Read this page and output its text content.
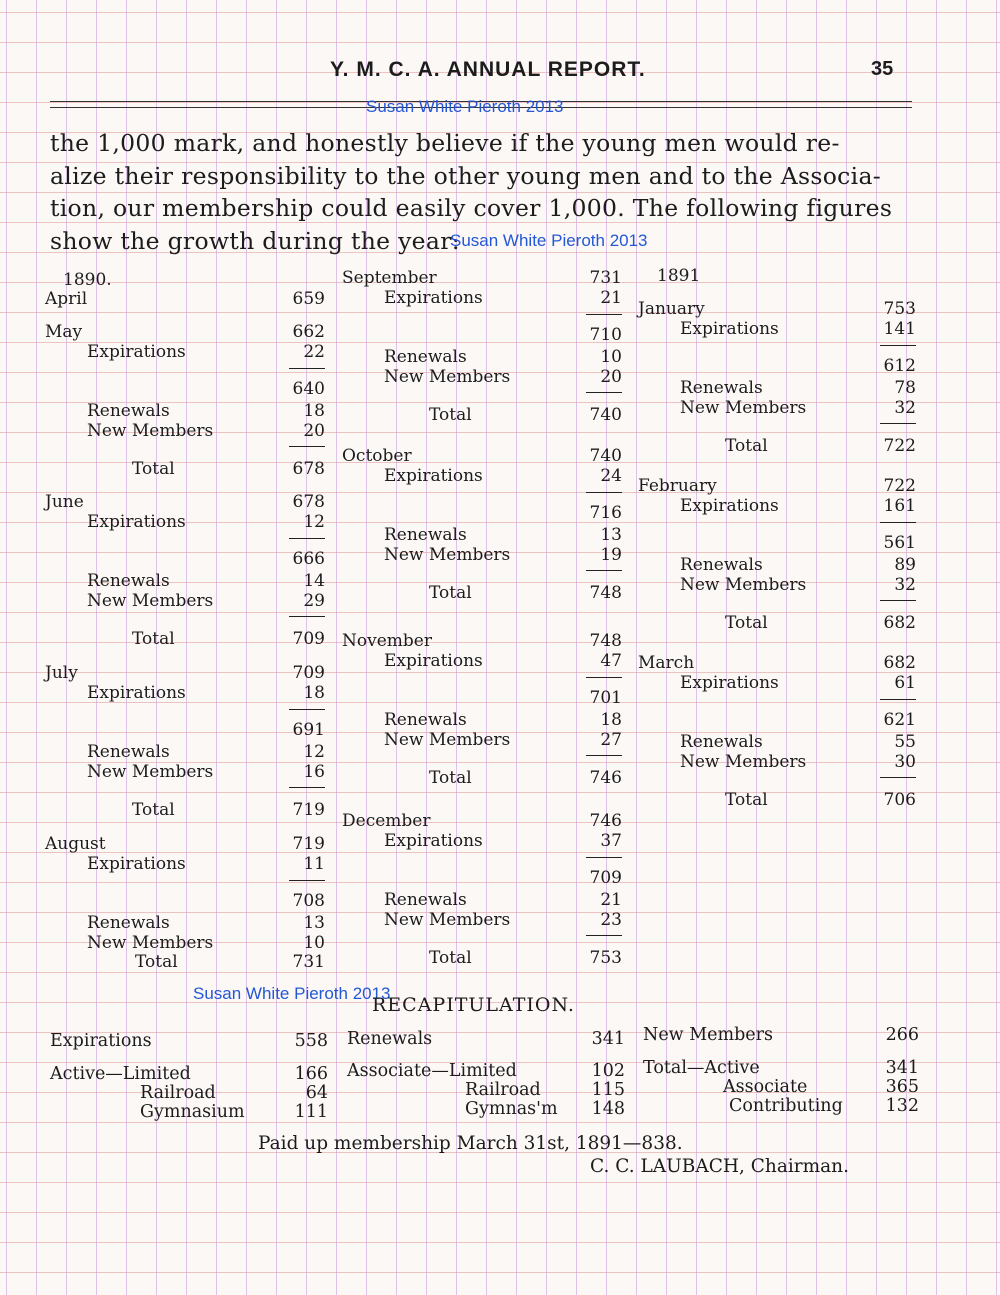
Y. M. C. A. ANNUAL REPORT.	35
Susan White Pieroth 2013
the 1,000 mark, and honestly believe if the young men would re-
alize their responsibility to the other young men and to the Associa-
tion, our membership could easily cover 1,000. The following figures
show the growth during the year:
Susan White Pieroth 2013
1890.	1891
April	659
May	662
Expirations	22
640
Renewals	18
New Members	20
Total	678
June	678
Expirations	12
666
Renewals	14
New Members	29
Total	709
July	709
Expirations	18
691
Renewals	12
New Members	16
Total	719
August	719
Expirations	11
708
Renewals	13
New Members	10
Total	731
September	731
Expirations	21
710
Renewals	10
New Members	20
Total	740
October	740
Expirations	24
716
Renewals	13
New Members	19
Total	748
November	748
Expirations	47
701
Renewals	18
New Members	27
Total	746
December	746
Expirations	37
709
Renewals	21
New Members	23
Total	753
January	753
Expirations	141
612
Renewals	78
New Members	32
Total	722
February	722
Expirations	161
561
Renewals	89
New Members	32
Total	682
March	682
Expirations	61
621
Renewals	55
New Members	30
Total	706
Susan White Pieroth 2013
RECAPITULATION.
Expirations	558
Active—Limited	166
Railroad	64
Gymnasium	111
Renewals	341
Associate—Limited	102
Railroad	115
Gymnas'm 148
New Members	266
Total—Active	341
Associate	365
Contributing 132
Paid up membership March 31st, 1891—838.
C. C. LAUBACH, Chairman.
